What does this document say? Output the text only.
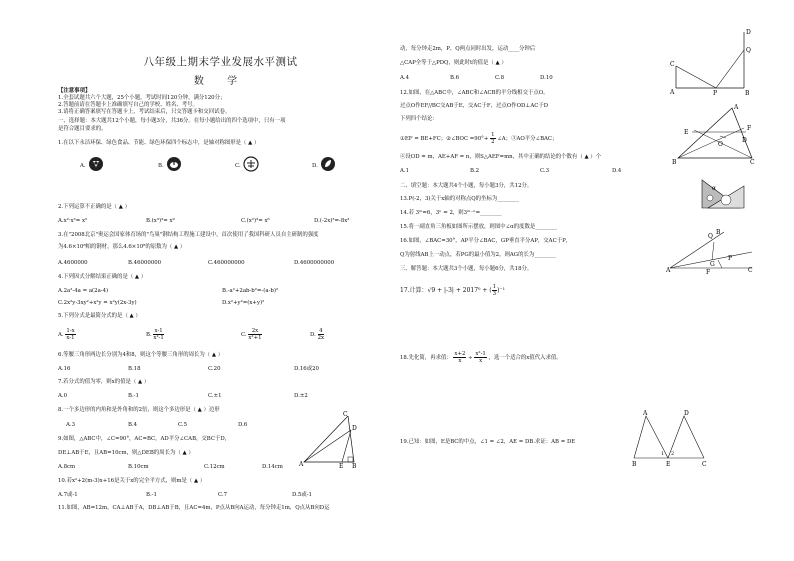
八年级上期末学业发展水平测试
数 学
【注意事项】
1.全套试题共六个大题，25个小题，考试时间120分钟，满分120分；
2.答题前请在答题卡上准确填写自己的学校、姓名、考号。
3.请将正确答案填写在答题卡上，考试结束后，只交答题卡和交回试卷。
一、选择题：本大题共12个小题，每小题3分，共36分。在每小题给出的四个选项中，只有一项
是符合题目要求的。
1.在以下永洁环保、绿色食品、节能、绿色环保四个标志中，是轴对称图形是（ ▲ ）
A.	B.	C.	D.
2.下列运算不正确的是（ ▲ ）
A.x²·x³= x⁵	B.(x³)³= x⁹	C.(x²)³= x⁶	D.(-2x)³=-8x³
3.在"2008北京"奥运会国家体育场的"鸟巢"钢结构工程施工建设中，首次使用了我国科研人员自主研制的强度
为4.6×10⁸帕的钢材，那么4.6×10⁸的原数为（ ▲ ）
A.4600000	B.46000000	C.460000000	D.4600000000
4.下列因式分解结果正确的是（ ▲ ）
A.2a²-4a = a(2a-4)	B.-a²+2ab-b²=-(a-b)²
C.2x²y-3xy²+x²y = x²y(2x-3y)	D.x²+y²=(x+y)²
5.下列分式是最简分式的是（ ▲ ）
A. $\frac{1-x}{x-1}$	B. $\frac{x-1}{\text{x²-1}}$	C. $\frac{2x}{\text{x²+1}}$	D. $\frac{4}{2x}$
6.等腰三角形两边长分别为4和8，则这个等腰三角形的周长为（ ▲ ）
A.16	B.18	C.20	D.16或20
7.若分式的值为零，则x的值是（ ▲ ）
A.0	B.-1	C.±1	D.±2
8.一个多边形的内角和是外角和的2倍，则这个多边形是（ ▲ ）边形
A.3	B.4	C.5	D.6
9.如图，△ABC中，∠C=90°，AC=BC，AD平分∠CAB，交BC于D，
DE⊥AB于E，且AB=10cm，则△DEB的周长为（ ▲ ）
A.8cm	B.10cm	C.12cm	D.14cm
10.若x²+2(m-3)x+16是关于x的完全平方式，则m是（ ▲ ）
A.7或-1	B.-1	C.7	D.5或-1
11.如图，AB=12m，CA⊥AB于A，DB⊥AB于B，且AC=4m，P点从B向A运动，每分钟走1m，Q点从B向D运
C
D
A	E B
动，每分钟走2m，P、Q两点同时出发，运动____分钟后
△CAP全等于△PDQ，则此时t的值是（ ▲ ）
A.4	B.6	C.8	D.10
12.如图，在△ABC中，∠ABC和∠ACB的平分线相交于点O，
过点O作EF//BC交AB于E，交AC于F，过点O作OD⊥AC于D
下列四个结论：
①EF = BE+FC；②∠BOC $=90^\circ+ \frac{1}{2}$ ∠A；③AO平分∠BAC；
④设OD = m，AE+AF = n，则S△AEF=mn，其中正确的结论的个数有（ ▲ ）个
A.1	B.2	C.3	D.4
二、填空题：本大题共4个小题，每小题3分，共12分。
13.P(-2，3)关于x轴的对称点Q的坐标为________
14.若 3ᵐ=6，3ⁿ = 2，则3ᵐ⁻ⁿ=________
15.将一副直角三角板如图所示摆放，则图中∠α的度数是________
16.如图，∠BAC=30°，AP平分∠BAC，GP垂直平分AP，交AC于P，
Q为射线AB上一动点，若PG的最小值为2，则AG的长为________
三、解答题：本大题共3个小题，每小题6分，共18分。
17.计算：√9 + |-3| + 2017⁰ + ( $\frac{1}{3} )^{-1}$
18.先化简，再求值： $\frac{x+2}{x} \div \frac{\text{x²-1}}{x}$ ，选一个适合的x值代入求值。
19.已知：如图，E是BC的中点，∠1 = ∠2，AE = DB.求证：AB = DE
D
C
A	P	B
Q
A
E
F
O
D
B	C
α
B
Q
A
G
F
P
C
A	D
B	E	C
1 2
